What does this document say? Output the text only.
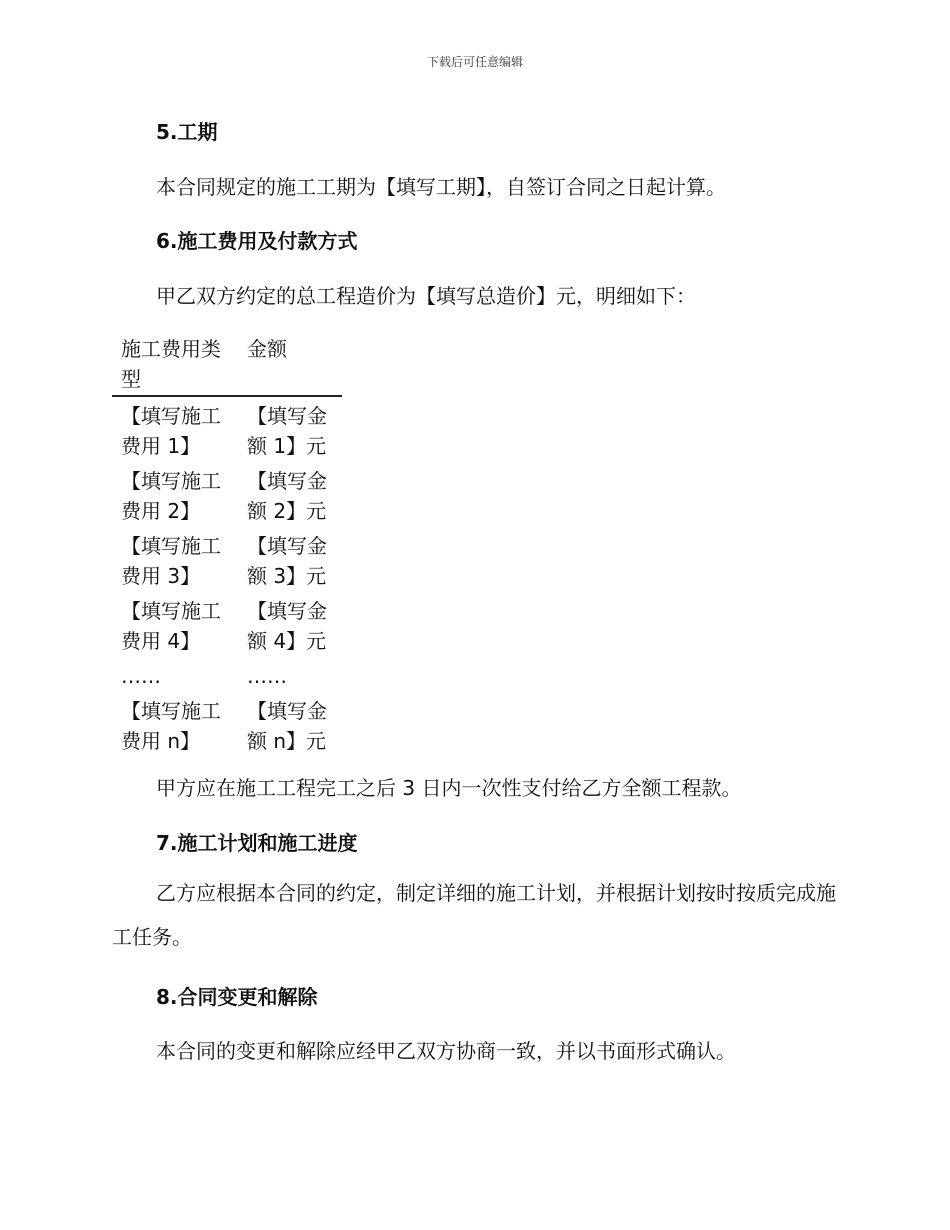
下载后可任意编辑
5.工期
本合同规定的施工工期为【填写工期】，自签订合同之日起计算。
6.施工费用及付款方式
甲乙双方约定的总工程造价为【填写总造价】元，明细如下：
施工费用类型	金额
【填写施工费用 1】	【填写金额 1】元
【填写施工费用 2】	【填写金额 2】元
【填写施工费用 3】	【填写金额 3】元
【填写施工费用 4】	【填写金额 4】元
……	……
【填写施工费用 n】	【填写金额 n】元
甲方应在施工工程完工之后 3 日内一次性支付给乙方全额工程款。
7.施工计划和施工进度
乙方应根据本合同的约定，制定详细的施工计划，并根据计划按时按质完成施工任务。
8.合同变更和解除
本合同的变更和解除应经甲乙双方协商一致，并以书面形式确认。
